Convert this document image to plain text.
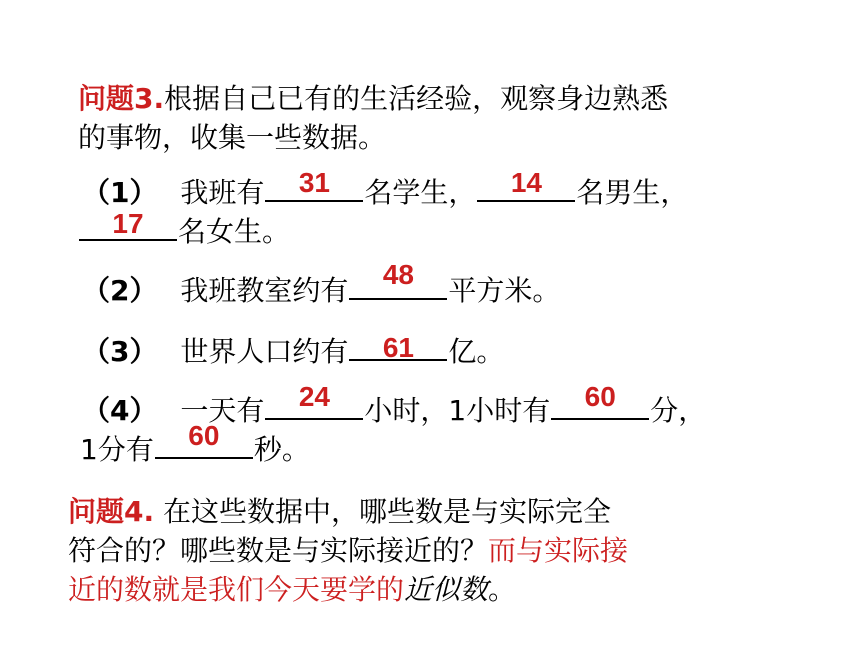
问题3.根据自己已有的生活经验，观察身边熟悉
的事物，收集一些数据。
（1） 我班有	31	名学生，	14	名男生，
17	名女生。
（2） 我班教室约有	48	平方米。
（3） 世界人口约有	61	亿。
（4） 一天有	24	小时，1小时有	60	分，
1分有	60	秒。
问题4. 在这些数据中，哪些数是与实际完全
符合的？哪些数是与实际接近的？而与实际接
近的数就是我们今天要学的近似数。
